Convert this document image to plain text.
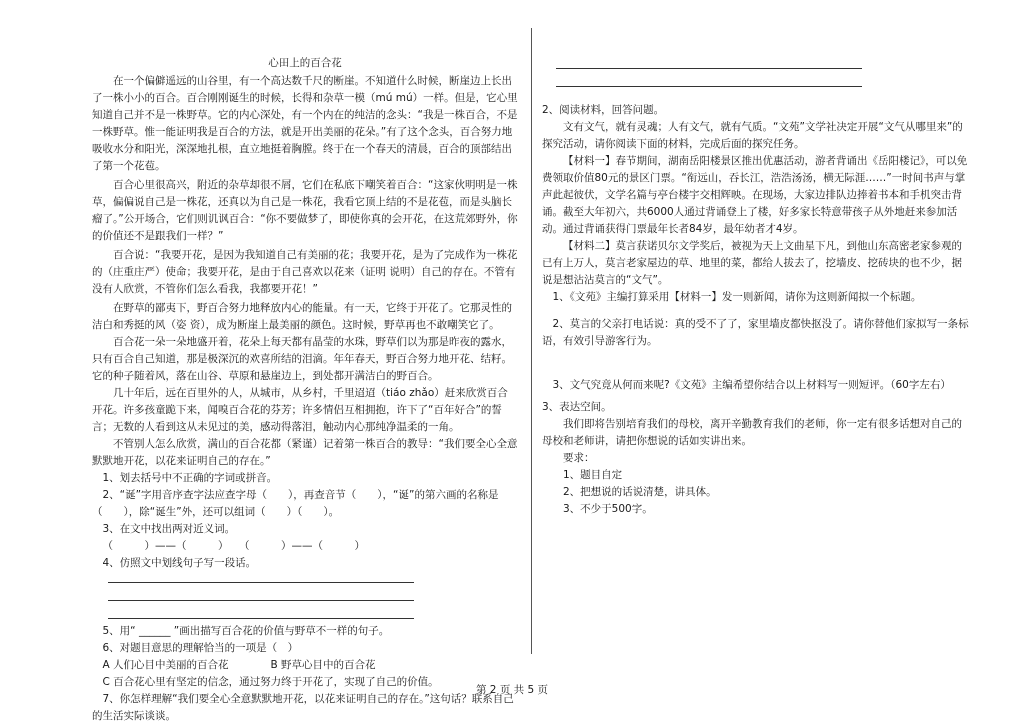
心田上的百合花
在一个偏僻遥远的山谷里，有一个高达数千尺的断崖。不知道什么时候，断崖边上长出了一株小小的百合。百合刚刚诞生的时候，长得和杂草一模（mú mú）一样。但是，它心里知道自己并不是一株野草。它的内心深处，有一个内在的纯洁的念头：“我是一株百合，不是一株野草。惟一能证明我是百合的方法，就是开出美丽的花朵。”有了这个念头，百合努力地吸收水分和阳光，深深地扎根，直立地挺着胸膛。终于在一个春天的清晨，百合的顶部结出了第一个花苞。
百合心里很高兴，附近的杂草却很不屑，它们在私底下嘲笑着百合：“这家伙明明是一株草，偏偏说自己是一株花，还真以为自己是一株花，我看它顶上结的不是花苞，而是头脑长瘤了。”公开场合，它们则讥讽百合：“你不要做梦了，即使你真的会开花，在这荒郊野外，你的价值还不是跟我们一样？”
百合说：“我要开花，是因为我知道自己有美丽的花；我要开花，是为了完成作为一株花的（庄重庄严）使命；我要开花，是由于自己喜欢以花来（证明 说明）自己的存在。不管有没有人欣赏，不管你们怎么看我，我都要开花！”
在野草的鄙夷下，野百合努力地释放内心的能量。有一天，它终于开花了。它那灵性的洁白和秀挺的风（姿 资），成为断崖上最美丽的颜色。这时候，野草再也不敢嘲笑它了。
百合花一朵一朵地盛开着，花朵上每天都有晶莹的水珠，野草们以为那是昨夜的露水，只有百合自己知道，那是极深沉的欢喜所结的泪滴。年年春天，野百合努力地开花、结籽。它的种子随着风，落在山谷、草原和悬崖边上，到处都开满洁白的野百合。
几十年后，远在百里外的人，从城市，从乡村，千里迢迢（tiáo zhǎo）赶来欣赏百合开花。许多孩童跪下来，闻嗅百合花的芬芳；许多情侣互相拥抱，许下了“百年好合”的誓言；无数的人看到这从未见过的美，感动得落泪，触动内心那纯净温柔的一角。
不管别人怎么欣赏，满山的百合花都（紧谨）记着第一株百合的教导：“我们要全心全意默默地开花，以花来证明自己的存在。”
1、划去括号中不正确的字词或拼音。
2、“诞”字用音序查字法应查字母（　　），再查音节（　　），“诞”的第六画的名称是（　　），除“诞生”外，还可以组词（　　）（　　）。
3、在文中找出两对近义词。
（　　　）——（　　　）　　（　　　）——（　　　）
4、仿照文中划线句子写一段话。
5、用“ ______ ”画出描写百合花的价值与野草不一样的句子。
6、对题目意思的理解恰当的一项是（　）
A 人们心目中美丽的百合花　　　　B 野草心目中的百合花
C 百合花心里有坚定的信念，通过努力终于开花了，实现了自己的价值。
7、你怎样理解“我们要全心全意默默地开花，以花来证明自己的存在。”这句话？联系自己的生活实际谈谈。
2、阅读材料，回答问题。
文有文气，就有灵魂；人有文气，就有气质。“文苑”文学社决定开展“文气从哪里来”的探究活动，请你阅读下面的材料，完成后面的探究任务。
【材料一】春节期间，湖南岳阳楼景区推出优惠活动，游者背诵出《岳阳楼记》，可以免费领取价值80元的景区门票。“衔远山，吞长江，浩浩汤汤，横无际涯……”一时间书声与掌声此起彼伏，文学名篇与亭台楼宇交相辉映。在现场，大家边排队边捧着书本和手机突击背诵。截至大年初六，共6000人通过背诵登上了楼，好多家长特意带孩子从外地赶来参加活动。通过背诵获得门票最年长者84岁，最年幼者才4岁。
【材料二】莫言获诺贝尔文学奖后，被视为天上文曲星下凡，到他山东高密老家参观的已有上万人，莫言老家屋边的草、地里的菜，都给人拔去了，挖墙皮、挖砖块的也不少，据说是想沾沾莫言的“文气”。
1、《文苑》主编打算采用【材料一】发一则新闻，请你为这则新闻拟一个标题。
2、莫言的父亲打电话说：真的受不了了，家里墙皮都快抠没了。请你替他们家拟写一条标语，有效引导游客行为。
3、文气究竟从何而来呢?《文苑》主编希望你结合以上材料写一则短评。（60字左右）
3、表达空间。
我们即将告别培育我们的母校，离开辛勤教育我们的老师，你一定有很多话想对自己的母校和老师讲，请把你想说的话如实讲出来。
要求：
1、题目自定
2、把想说的话说清楚，讲具体。
3、不少于500字。
第 2 页 共 5 页
